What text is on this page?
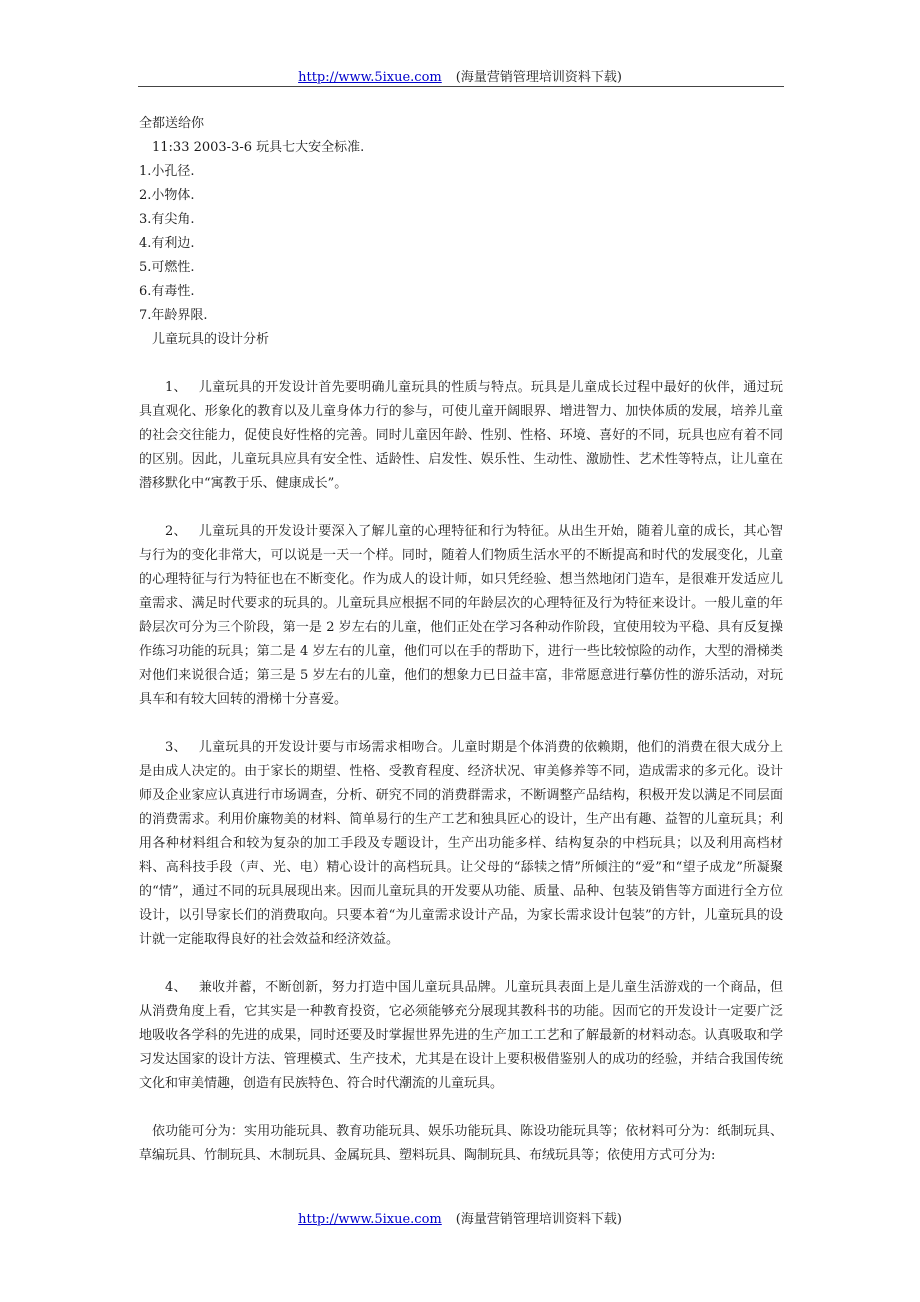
http://www.5ixue.com (海量营销管理培训资料下载)
全都送给你
11:33 2003-3-6 玩具七大安全标准.
1.小孔径.
2.小物体.
3.有尖角.
4.有利边.
5.可燃性.
6.有毒性.
7.年龄界限.
儿童玩具的设计分析

1、 儿童玩具的开发设计首先要明确儿童玩具的性质与特点。玩具是儿童成长过程中最好的伙伴，通过玩具直观化、形象化的教育以及儿童身体力行的参与，可使儿童开阔眼界、增进智力、加快体质的发展，培养儿童的社会交往能力，促使良好性格的完善。同时儿童因年龄、性别、性格、环境、喜好的不同，玩具也应有着不同的区别。因此，儿童玩具应具有安全性、适龄性、启发性、娱乐性、生动性、激励性、艺术性等特点，让儿童在潜移默化中“寓教于乐、健康成长”。

2、 儿童玩具的开发设计要深入了解儿童的心理特征和行为特征。从出生开始，随着儿童的成长，其心智与行为的变化非常大，可以说是一天一个样。同时，随着人们物质生活水平的不断提高和时代的发展变化，儿童的心理特征与行为特征也在不断变化。作为成人的设计师，如只凭经验、想当然地闭门造车，是很难开发适应儿童需求、满足时代要求的玩具的。儿童玩具应根据不同的年龄层次的心理特征及行为特征来设计。一般儿童的年龄层次可分为三个阶段，第一是 2 岁左右的儿童，他们正处在学习各种动作阶段，宜使用较为平稳、具有反复操作练习功能的玩具；第二是 4 岁左右的儿童，他们可以在手的帮助下，进行一些比较惊险的动作，大型的滑梯类对他们来说很合适；第三是 5 岁左右的儿童，他们的想象力已日益丰富，非常愿意进行摹仿性的游乐活动，对玩具车和有较大回转的滑梯十分喜爱。

3、 儿童玩具的开发设计要与市场需求相吻合。儿童时期是个体消费的依赖期，他们的消费在很大成分上是由成人决定的。由于家长的期望、性格、受教育程度、经济状况、审美修养等不同，造成需求的多元化。设计师及企业家应认真进行市场调查，分析、研究不同的消费群需求，不断调整产品结构，积极开发以满足不同层面的消费需求。利用价廉物美的材料、简单易行的生产工艺和独具匠心的设计，生产出有趣、益智的儿童玩具；利用各种材料组合和较为复杂的加工手段及专题设计，生产出功能多样、结构复杂的中档玩具；以及利用高档材料、高科技手段（声、光、电）精心设计的高档玩具。让父母的“舔犊之情”所倾注的“爱”和“望子成龙”所凝聚的“情”，通过不同的玩具展现出来。因而儿童玩具的开发要从功能、质量、品种、包装及销售等方面进行全方位设计，以引导家长们的消费取向。只要本着“为儿童需求设计产品，为家长需求设计包装”的方针，儿童玩具的设计就一定能取得良好的社会效益和经济效益。

4、 兼收并蓄，不断创新，努力打造中国儿童玩具品牌。儿童玩具表面上是儿童生活游戏的一个商品，但从消费角度上看，它其实是一种教育投资，它必须能够充分展现其教科书的功能。因而它的开发设计一定要广泛地吸收各学科的先进的成果，同时还要及时掌握世界先进的生产加工工艺和了解最新的材料动态。认真吸取和学习发达国家的设计方法、管理模式、生产技术，尤其是在设计上要积极借鉴别人的成功的经验，并结合我国传统文化和审美情趣，创造有民族特色、符合时代潮流的儿童玩具。

依功能可分为：实用功能玩具、教育功能玩具、娱乐功能玩具、陈设功能玩具等；依材料可分为：纸制玩具、草编玩具、竹制玩具、木制玩具、金属玩具、塑料玩具、陶制玩具、布绒玩具等；依使用方式可分为:

http://www.5ixue.com (海量营销管理培训资料下载)
